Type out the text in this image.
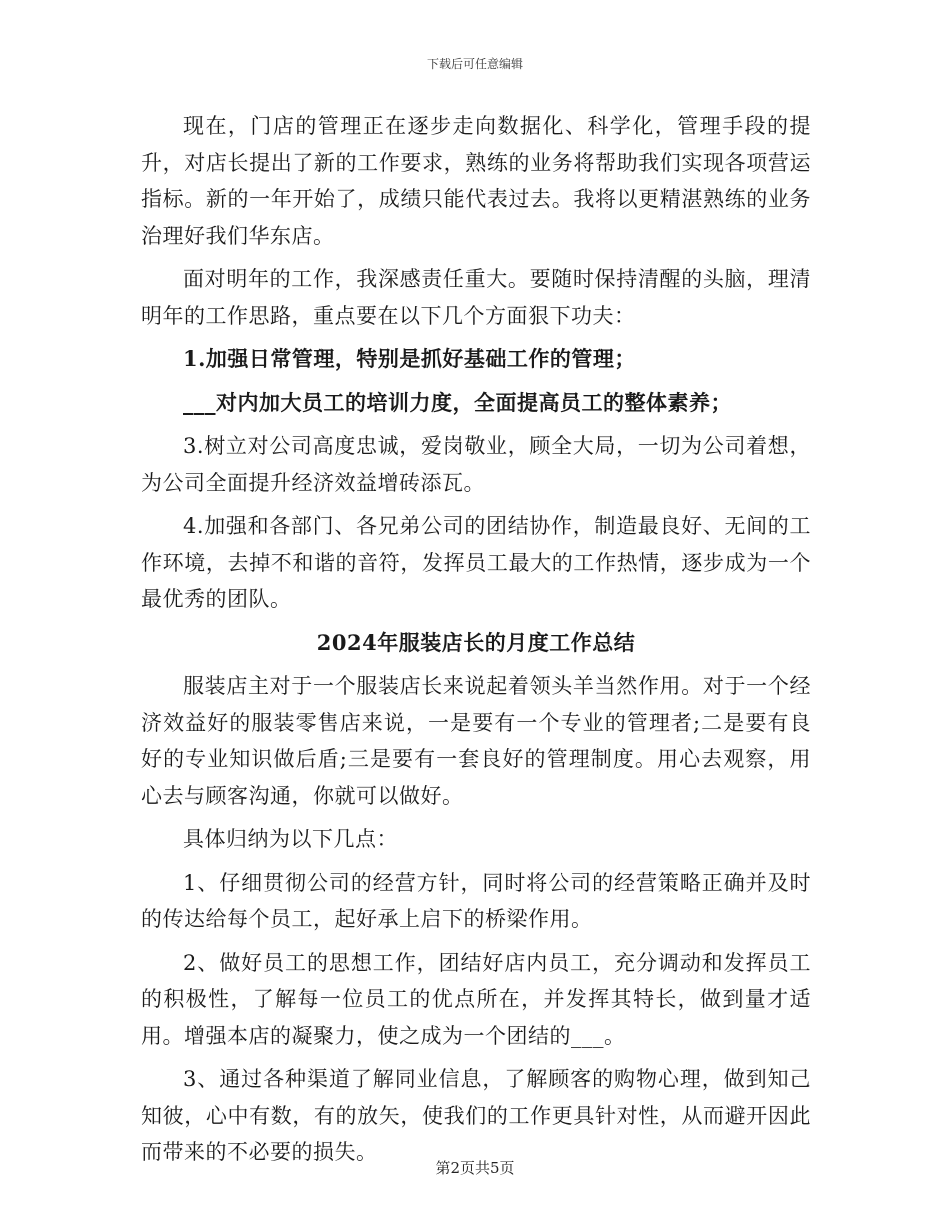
下载后可任意编辑

现在，门店的管理正在逐步走向数据化、科学化，管理手段的提升，对店长提出了新的工作要求，熟练的业务将帮助我们实现各项营运指标。新的一年开始了，成绩只能代表过去。我将以更精湛熟练的业务治理好我们华东店。

面对明年的工作，我深感责任重大。要随时保持清醒的头脑，理清明年的工作思路，重点要在以下几个方面狠下功夫：

1.加强日常管理，特别是抓好基础工作的管理；

___对内加大员工的培训力度，全面提高员工的整体素养；

3.树立对公司高度忠诚，爱岗敬业，顾全大局，一切为公司着想，为公司全面提升经济效益增砖添瓦。

4.加强和各部门、各兄弟公司的团结协作，制造最良好、无间的工作环境，去掉不和谐的音符，发挥员工最大的工作热情，逐步成为一个最优秀的团队。

2024年服装店长的月度工作总结

服装店主对于一个服装店长来说起着领头羊当然作用。对于一个经济效益好的服装零售店来说，一是要有一个专业的管理者;二是要有良好的专业知识做后盾;三是要有一套良好的管理制度。用心去观察，用心去与顾客沟通，你就可以做好。

具体归纳为以下几点：

1、仔细贯彻公司的经营方针，同时将公司的经营策略正确并及时的传达给每个员工，起好承上启下的桥梁作用。

2、做好员工的思想工作，团结好店内员工，充分调动和发挥员工的积极性，了解每一位员工的优点所在，并发挥其特长，做到量才适用。增强本店的凝聚力，使之成为一个团结的___。

3、通过各种渠道了解同业信息，了解顾客的购物心理，做到知己知彼，心中有数，有的放矢，使我们的工作更具针对性，从而避开因此而带来的不必要的损失。

第2页共5页
